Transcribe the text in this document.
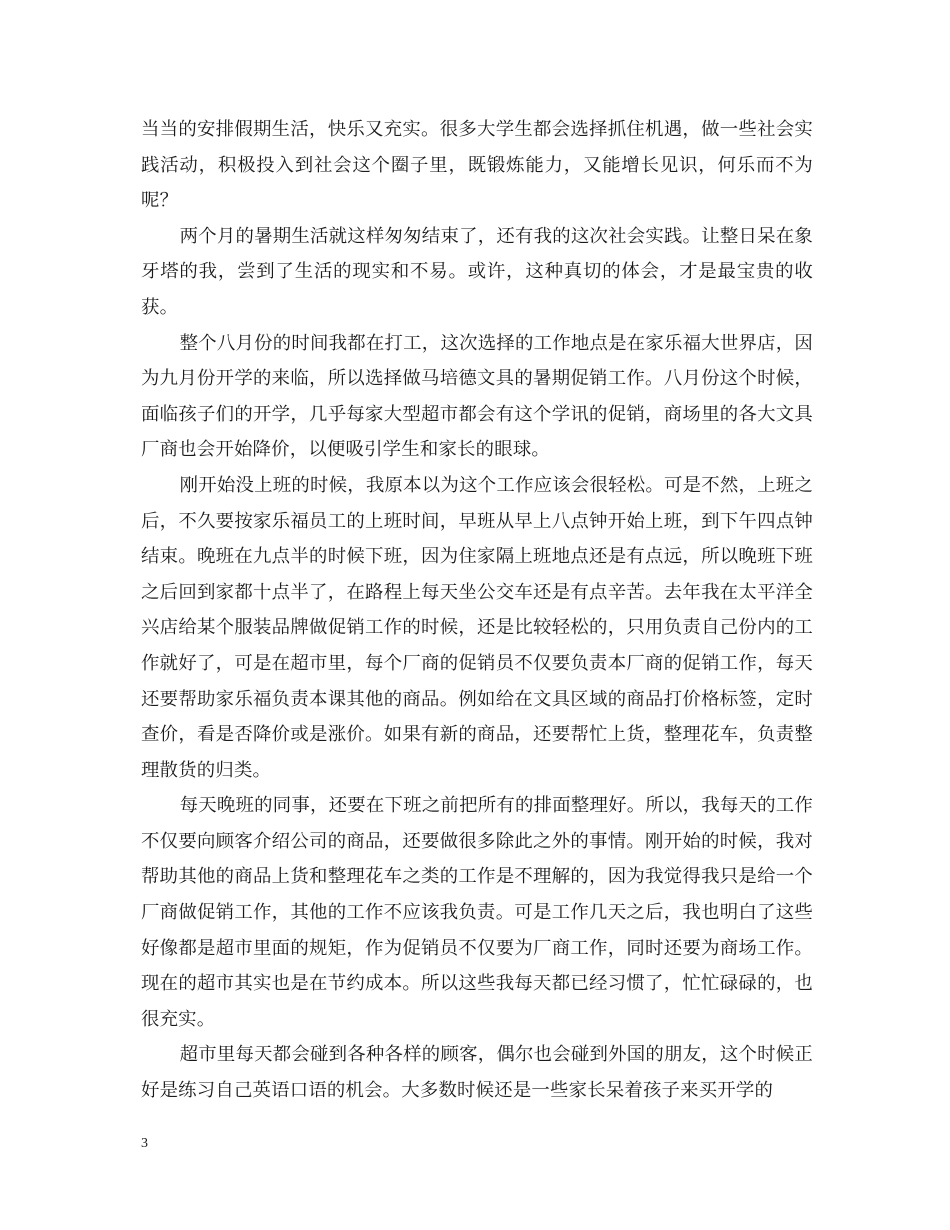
当当的安排假期生活，快乐又充实。很多大学生都会选择抓住机遇，做一些社会实践活动，积极投入到社会这个圈子里，既锻炼能力，又能增长见识，何乐而不为呢？

两个月的暑期生活就这样匆匆结束了，还有我的这次社会实践。让整日呆在象牙塔的我，尝到了生活的现实和不易。或许，这种真切的体会，才是最宝贵的收获。

整个八月份的时间我都在打工，这次选择的工作地点是在家乐福大世界店，因为九月份开学的来临，所以选择做马培德文具的暑期促销工作。八月份这个时候，面临孩子们的开学，几乎每家大型超市都会有这个学讯的促销，商场里的各大文具厂商也会开始降价，以便吸引学生和家长的眼球。

刚开始没上班的时候，我原本以为这个工作应该会很轻松。可是不然，上班之后，不久要按家乐福员工的上班时间，早班从早上八点钟开始上班，到下午四点钟结束。晚班在九点半的时候下班，因为住家隔上班地点还是有点远，所以晚班下班之后回到家都十点半了，在路程上每天坐公交车还是有点辛苦。去年我在太平洋全兴店给某个服装品牌做促销工作的时候，还是比较轻松的，只用负责自己份内的工作就好了，可是在超市里，每个厂商的促销员不仅要负责本厂商的促销工作，每天还要帮助家乐福负责本课其他的商品。例如给在文具区域的商品打价格标签，定时查价，看是否降价或是涨价。如果有新的商品，还要帮忙上货，整理花车，负责整理散货的归类。

每天晚班的同事，还要在下班之前把所有的排面整理好。所以，我每天的工作不仅要向顾客介绍公司的商品，还要做很多除此之外的事情。刚开始的时候，我对帮助其他的商品上货和整理花车之类的工作是不理解的，因为我觉得我只是给一个厂商做促销工作，其他的工作不应该我负责。可是工作几天之后，我也明白了这些好像都是超市里面的规矩，作为促销员不仅要为厂商工作，同时还要为商场工作。现在的超市其实也是在节约成本。所以这些我每天都已经习惯了，忙忙碌碌的，也很充实。

超市里每天都会碰到各种各样的顾客，偶尔也会碰到外国的朋友，这个时候正好是练习自己英语口语的机会。大多数时候还是一些家长呆着孩子来买开学的

3
